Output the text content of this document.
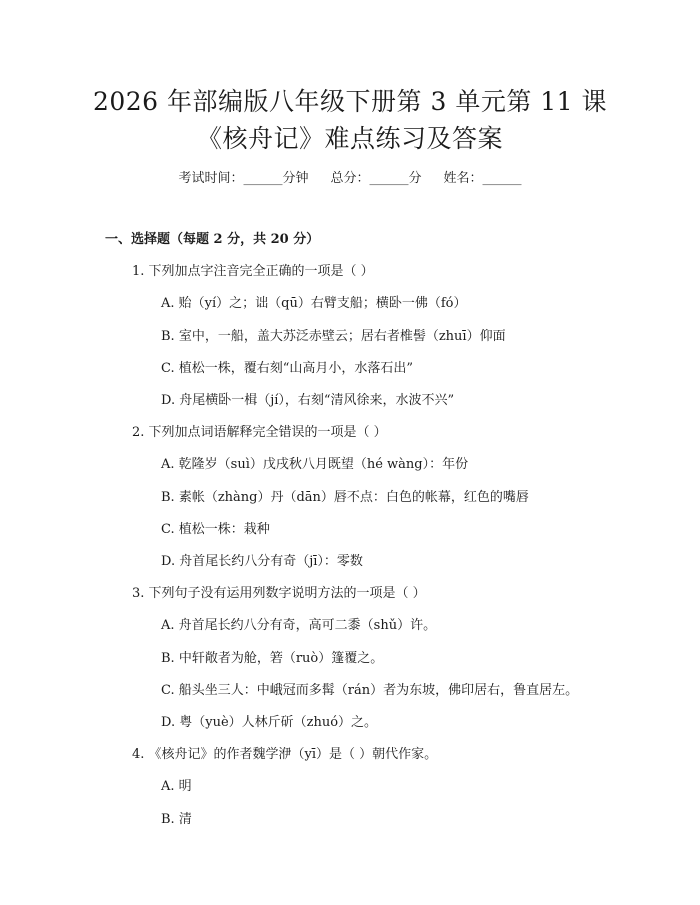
2026 年部编版八年级下册第 3 单元第 11 课
《核舟记》难点练习及答案
考试时间：______分钟 总分：______分 姓名：______
一、选择题（每题 2 分，共 20 分）
1. 下列加点字注音完全正确的一项是（ ）
A. 贻（yí）之；诎（qū）右臂支船；横卧一佛（fó）
B. 室中，一船，盖大苏泛赤壁云；居右者椎髻（zhuī）仰面
C. 植松一株，覆右刻“山高月小，水落石出”
D. 舟尾横卧一楫（jí），右刻“清风徐来，水波不兴”
2. 下列加点词语解释完全错误的一项是（ ）
A. 乾隆岁（suì）戊戌秋八月既望（hé wàng）：年份
B. 素帐（zhàng）丹（dān）唇不点：白色的帐幕，红色的嘴唇
C. 植松一株：栽种
D. 舟首尾长约八分有奇（jī）：零数
3. 下列句子没有运用列数字说明方法的一项是（ ）
A. 舟首尾长约八分有奇，高可二黍（shǔ）许。
B. 中轩敞者为舱，箬（ruò）篷覆之。
C. 船头坐三人：中峨冠而多髯（rán）者为东坡，佛印居右，鲁直居左。
D. 粤（yuè）人林斤斫（zhuó）之。
4. 《核舟记》的作者魏学洢（yī）是（ ）朝代作家。
A. 明
B. 清
